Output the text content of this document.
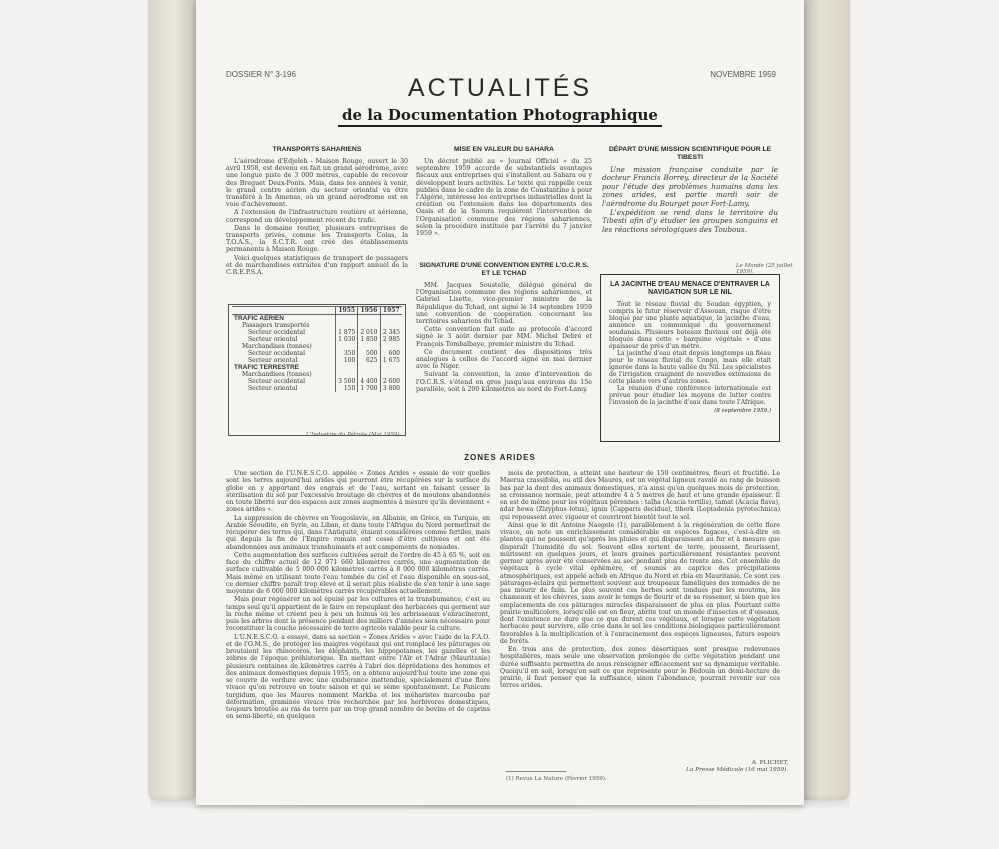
DOSSIER N° 3-196	NOVEMBRE 1959
ACTUALITÉS
de la Documentation Photographique
TRANSPORTS SAHARIENS

L'aérodrome d'Edjeleh - Maison Rouge, ouvert le 30 avril 1958, est devenu en fait un grand aérodrome, avec une longue piste de 3 000 mètres, capable de recevoir des Breguet Deux-Ponts. Mais, dans les années à venir, le grand centre aérien du secteur oriental va être transféré à In Amenas, où un grand aérodrome est en voie d'achèvement.

A l'extension de l'infrastructure routière et aérienne, correspond un développement récent du trafic.

Dans le domaine routier, plusieurs entreprises de transports privés, comme les Transports Colas, la T.O.A.S., la S.C.T.R. ont créé des établissements permanents à Maison Rouge.

Voici quelques statistiques de transport de passagers et de marchandises extraites d'un rapport annuel de la C.R.E.P.S.A.

	1955	1956	1957
TRAFIC AÉRIEN			
Passagers transportés			
Secteur occidental	1 875	2 010	2 345
Secteur oriental	1 030	1 850	2 985
Marchandises (tonnes)			
Secteur occidental	350	500	600
Secteur oriental	100	625	1 675
TRAFIC TERRESTRE			
Marchandises (tonnes)			
Secteur occidental	3 500	4 400	2 600
Secteur oriental	150	1 700	3 800
L'Industrie du Pétrole (Mai 1959).
MISE EN VALEUR DU SAHARA

Un décret publié au « Journal Officiel » du 25 septembre 1959 accorde de substantiels avantages fiscaux aux entreprises qui s'installent au Sahara ou y développent leurs activités. Le texte qui rappelle ceux publiés dans le cadre de la zone de Constantine à pour l'Algérie, intéresse les entreprises industrielles dont la création ou l'extension dans les départements des Oasis et de la Saoura requièrent l'intervention de l'Organisation commune des régions sahariennes, selon la procédure instituée par l'arrêté du 7 janvier 1959 ».

SIGNATURE D'UNE CONVENTION ENTRE L'O.C.R.S. ET LE TCHAD

MM. Jacques Soustelle, délégué général de l'Organisation commune des régions sahariennes, et Gabriel Lisette, vice-premier ministre de la République du Tchad, ont signé le 14 septembre 1959 une convention de coopération concernant les territoires sahariens du Tchad.

Cette convention fait suite au protocole d'accord signé le 3 août dernier par MM. Michel Debré et François Tombalbaye, premier ministre du Tchad.

Ce document contient des dispositions très analogues à celles de l'accord signé en mai dernier avec le Niger.

Suivant la convention, la zone d'intervention de l'O.C.R.S. s'étend en gros jusqu'aux environs du 15e parallèle, soit à 200 kilomètres au nord de Fort-Lamy.

DÉPART D'UNE MISSION SCIENTIFIQUE POUR LE TIBESTI

Une mission française conduite par le docteur Francis Borrey, directeur de la Société pour l'étude des problèmes humains dans les zones arides, est partie mardi soir de l'aérodrome du Bourget pour Fort-Lamy.

L'expédition se rend dans le territoire du Tibesti afin d'y étudier les groupes sanguins et les réactions sérologiques des Toubous.

Le Monde (25 juillet 1959).
LA JACINTHE D'EAU MENACE D'ENTRAVER LA NAVIGATION SUR LE NIL

Tout le réseau fluvial du Soudan égyptien, y compris le futur réservoir d'Assouan, risque d'être bloqué par une plante aquatique, la jacinthe d'eau, annonce un communiqué du gouvernement soudanais. Plusieurs bateaux fluviaux ont déjà été bloqués dans cette « barquine végétale » d'une épaisseur de près d'un mètre.

La jacinthe d'eau était depuis longtemps un fléau pour le réseau fluvial du Congo, mais elle était ignorée dans la haute vallée du Nil. Les spécialistes de l'irrigation craignent de nouvelles extensions de cette plante vers d'autres zones.

La réunion d'une conférence internationale est prévue pour étudier les moyens de lutter contre l'invasion de la jacinthe d'eau dans toute l'Afrique.

(8 septembre 1959.)
ZONES ARIDES

Une section de l'U.N.E.S.C.O. appelée « Zones Arides » essaie de voir quelles sont les terres aujourd'hui arides qui pourront être récupérées sur la surface du globe en y apportant des engrais et de l'eau, sortant en faisant cesser la stérilisation du sol par l'excessive broutage de chèvres et de moutons abandonnés en toute liberté sur des espaces aux zones augmentés à mesure qu'ils deviennent « zones arides ».

La suppression de chèvres en Yougoslavie, en Albanie, en Grèce, en Turquie, en Arabie Séoudite, en Syrie, au Liban, et dans toute l'Afrique du Nord permettrait de récupérer des terres qui, dans l'Antiquité, étaient considérées comme fertiles, mais qui depuis la fin de l'Empire romain ont cessé d'être cultivées et ont été abandonnées aux animaux transhumants et aux campements de nomades.

Cette augmentation des surfaces cultivées serait de l'ordre de 45 à 65 %, soit en face du chiffre actuel de 12 971 660 kilomètres carrés, une augmentation de surface cultivable de 5 000 000 kilomètres carrés à 8 000 000 kilomètres carrés. Mais même en utilisant toute l'eau tombée du ciel et l'eau disponible en sous-sol, ce dernier chiffre paraît trop élevé et il serait plus réaliste de s'en tenir à une sage moyenne de 6 000 000 kilomètres carrés récupérables actuellement.

Mais pour régénérer un sol épuisé par les cultures et la transhumance, c'est au temps seul qu'il appartient de le faire en repeuplant des herbacées qui germent sur la roche même et créent peu à peu un humus où les arbrisseaux s'enracineront, puis les arbres dont la présence pendant des milliers d'années sera nécessaire pour reconstituer la couche nécessaire de terre agricole valable pour la culture.

L'U.N.E.S.C.O. a essayé, dans sa section « Zones Arides » avec l'aide de la F.A.O. et de l'O.M.S., de protéger les maigres végétaux qui ont remplacé les pâturages où broutaient les rhinocéros, les éléphants, les hippopotames, les gazelles et les zèbres de l'époque préhistorique. En mettant entre l'Aïr et l'Adrar (Mauritanie) plusieurs centaines de kilomètres carrés à l'abri des déprédations des hommes et des animaux domestiques depuis 1955, on a obtenu aujourd'hui toute une zone qui se couvre de verdure avec une exubérance inattendue, spécialement d'une flore vivace qu'on retrouve en toute saison et qui se sème spontanément. Le Panicum turgidum, que les Maures nomment Markba et les méharistes marcouba par déformation, graminée vivace très recherchée par les herbivores domestiques, toujours broutée au ras de terre par un trop grand nombre de bovins et de caprins en semi-liberté, en quelques

mois de protection, a atteint une hauteur de 150 centimètres, fleuri et fructifié. Le Maerua crassifolia, ou atil des Maures, est un végétal ligneux ravalé au rang de buisson bas par la dent des animaux domestiques, n'a ainsi qu'en quelques mois de protection, sa croissance normale, peut atteindre 4 à 5 mètres de haut et une grande épaisseur. Il en est de même pour les végétaux pérennes : talha (Acacia tortilis), tamat (Acacia flava), adar hewa (Zizyphus lotus), ignin (Capparis decidua), tiherk (Leptadenia pyrotechnica) qui repoussent avec vigueur et couvriront bientôt tout le sol.

Ainsi que le dit Antoine Naegele (1), parallèlement à la régénération de cette flore vivace, on note un enrichissement considérable en espèces fugaces, c'est-à-dire en plantes qui ne poussent qu'après les pluies et qui disparaissent au fur et à mesure que disparaît l'humidité du sol. Souvent elles sortent de terre, poussent, fleurissent, mûrissent en quelques jours, et leurs graines particulièrement résistantes peuvent germer après avoir été conservées au sec pendant plus de trente ans. Cet ensemble de végétaux à cycle vital éphémère, et soumis au caprice des précipitations atmosphériques, est appelé acheb en Afrique du Nord et rbia en Mauritanie. Ce sont ces pâturages-éclairs qui permettent souvent aux troupeaux faméliques des nomades de ne pas mourir de faim. Le plus souvent ces herbes sont tondues par les moutons, les chameaux et les chèvres, sans avoir le temps de fleurir et de se ressemer, si bien que les emplacements de ces pâturages miracles disparaissent de plus en plus. Pourtant cette prairie multicolore, lorsqu'elle est en fleur, abrite tout un monde d'insectes et d'oiseaux, dont l'existence ne dure que ce que durent ces végétaux, et lorsque cette végétation herbacée peut survivre, elle crée dans le sol les conditions biologiques particulièrement favorables à la multiplication et à l'enracinement des espèces ligneuses, futurs espoirs de forêts.

En trois ans de protection, des zones désertiques sont presque redevenues hospitalières, mais seule une observation prolongée de cette végétation pendant une durée suffisante permettra de nous renseigner efficacement sur sa dynamique véritable. Quoiqu'il en soit, lorsqu'on sait ce que représente pour le Bédouin un demi-hectare de prairie, il faut penser que la suffisance, sinon l'abondance, pourrait revenir sur ces terres arides.

A. PLICHET,
La Presse Médicale (16 mai 1959).
(1) Revue La Nature (Février 1959).
